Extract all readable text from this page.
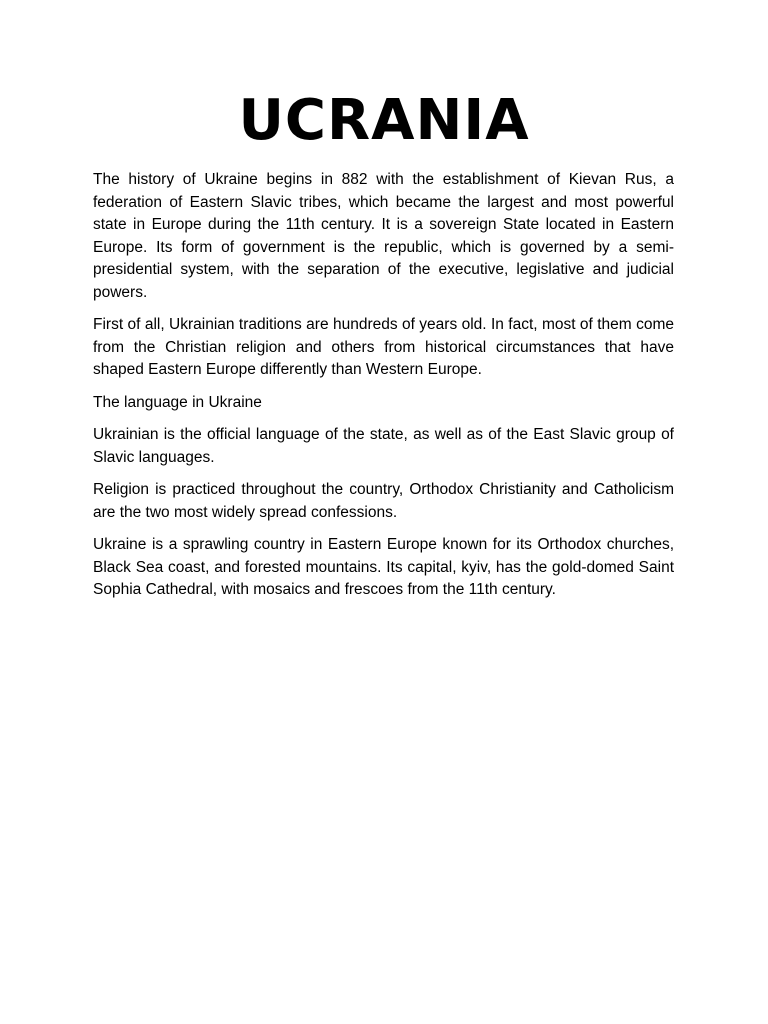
UCRANIA

The history of Ukraine begins in 882 with the establishment of Kievan Rus, a federation of Eastern Slavic tribes, which became the largest and most powerful state in Europe during the 11th century. It is a sovereign State located in Eastern Europe. Its form of government is the republic, which is governed by a semi-presidential system, with the separation of the executive, legislative and judicial powers.

First of all, Ukrainian traditions are hundreds of years old. In fact, most of them come from the Christian religion and others from historical circumstances that have shaped Eastern Europe differently than Western Europe.

The language in Ukraine

Ukrainian is the official language of the state, as well as of the East Slavic group of Slavic languages.

Religion is practiced throughout the country, Orthodox Christianity and Catholicism are the two most widely spread confessions.

Ukraine is a sprawling country in Eastern Europe known for its Orthodox churches, Black Sea coast, and forested mountains. Its capital, kyiv, has the gold-domed Saint Sophia Cathedral, with mosaics and frescoes from the 11th century.
